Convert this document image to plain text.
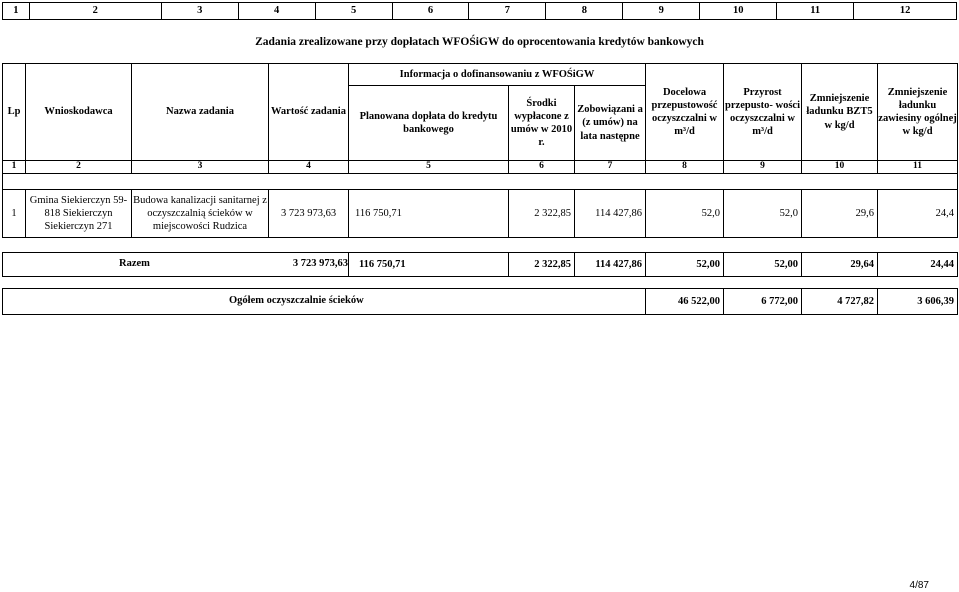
1	2	3	4	5	6	7	8	9	10	11	12
Zadania zrealizowane przy dopłatach WFOŚiGW do oprocentowania kredytów bankowych
Lp	Wnioskodawca	Nazwa zadania	Wartość zadania	Informacja o dofinansowaniu z WFOŚiGW			Docelowa przepustowość oczyszczalni w m³/d	Przyrost przepusto- wości oczyszczalni w m³/d	Zmniejszenie ładunku BZT5 w kg/d	Zmniejszenie ładunku zawiesiny ogólnej w kg/d
				Planowana dopłata do kredytu bankowego	Środki wypłacone z umów w 2010 r.	Zobowiązani a (z umów) na lata następne				
1	2	3	4	5	6	7	8	9	10	11

1	Gmina Siekierczyn 59-818 Siekierczyn Siekierczyn 271	Budowa kanalizacji sanitarnej z oczyszczalnią ścieków w miejscowości Rudzica	3 723 973,63	116 750,71	2 322,85	114 427,86	52,0	52,0	29,6	24,4
Razem	3 723 973,63	116 750,71	2 322,85	114 427,86	52,00	52,00	29,64	24,44
Ogółem oczyszczalnie ścieków	46 522,00	6 772,00	4 727,82	3 606,39
4/87
